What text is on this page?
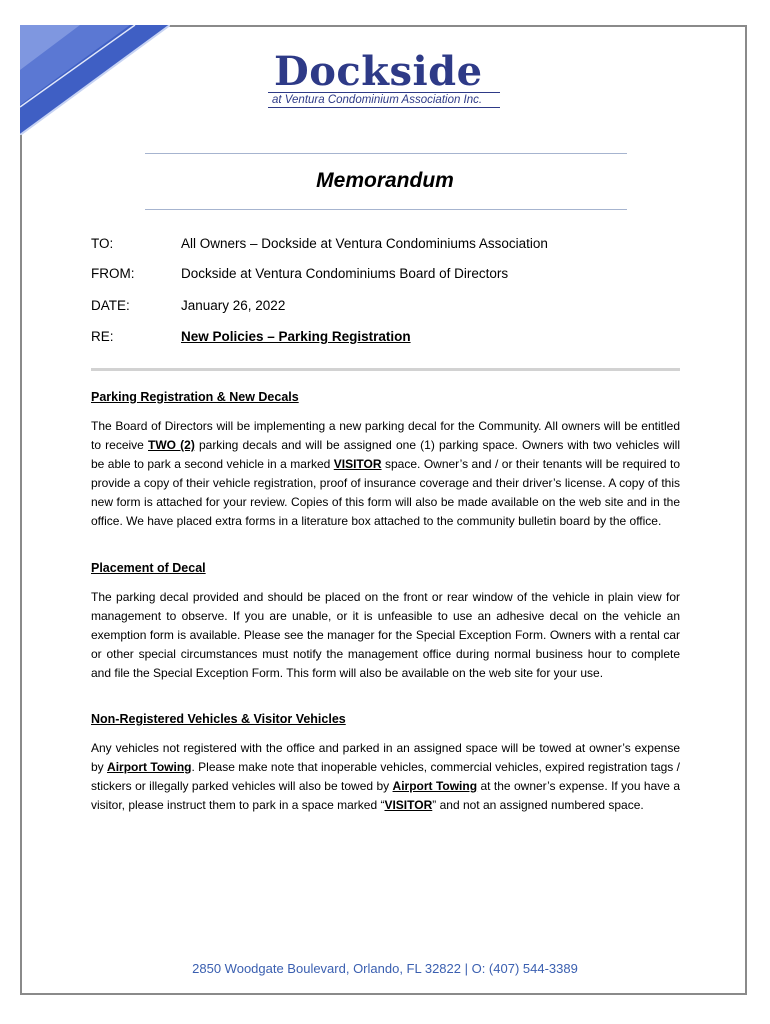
Dockside
at Ventura Condominium Association Inc.
Memorandum
TO:	All Owners – Dockside at Ventura Condominiums Association
FROM:	Dockside at Ventura Condominiums Board of Directors
DATE:	January 26, 2022
RE:	New Policies – Parking Registration
Parking Registration & New Decals

The Board of Directors will be implementing a new parking decal for the Community. All owners will be entitled to receive TWO (2) parking decals and will be assigned one (1) parking space. Owners with two vehicles will be able to park a second vehicle in a marked VISITOR space. Owner’s and / or their tenants will be required to provide a copy of their vehicle registration, proof of insurance coverage and their driver’s license. A copy of this new form is attached for your review. Copies of this form will also be made available on the web site and in the office. We have placed extra forms in a literature box attached to the community bulletin board by the office.

Placement of Decal

The parking decal provided and should be placed on the front or rear window of the vehicle in plain view for management to observe. If you are unable, or it is unfeasible to use an adhesive decal on the vehicle an exemption form is available. Please see the manager for the Special Exception Form. Owners with a rental car or other special circumstances must notify the management office during normal business hour to complete and file the Special Exception Form. This form will also be available on the web site for your use.

Non-Registered Vehicles & Visitor Vehicles

Any vehicles not registered with the office and parked in an assigned space will be towed at owner’s expense by Airport Towing. Please make note that inoperable vehicles, commercial vehicles, expired registration tags / stickers or illegally parked vehicles will also be towed by Airport Towing at the owner’s expense. If you have a visitor, please instruct them to park in a space marked “VISITOR” and not an assigned numbered space.

2850 Woodgate Boulevard, Orlando, FL 32822 | O: (407) 544-3389
